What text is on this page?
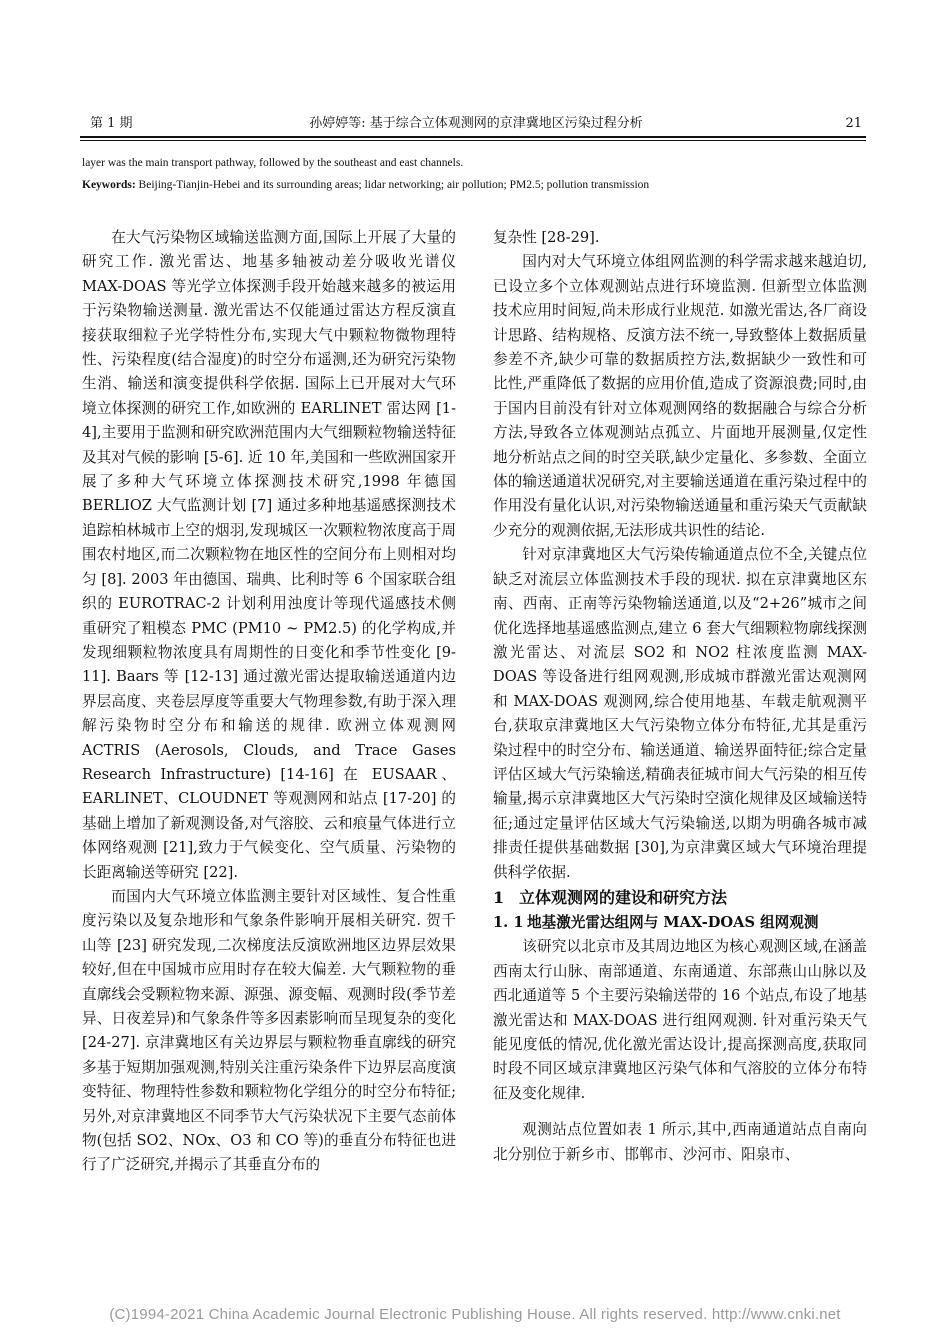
第 1 期	孙婷婷等: 基于综合立体观测网的京津冀地区污染过程分析	21

layer was the main transport pathway, followed by the southeast and east channels.

Keywords: Beijing-Tianjin-Hebei and its surrounding areas; lidar networking; air pollution; PM2.5; pollution transmission

在大气污染物区域输送监测方面,国际上开展了大量的研究工作. 激光雷达、地基多轴被动差分吸收光谱仪 MAX-DOAS 等光学立体探测手段开始越来越多的被运用于污染物输送测量. 激光雷达不仅能通过雷达方程反演直接获取细粒子光学特性分布,实现大气中颗粒物微物理特性、污染程度(结合湿度)的时空分布遥测,还为研究污染物生消、输送和演变提供科学依据. 国际上已开展对大气环境立体探测的研究工作,如欧洲的 EARLINET 雷达网 [1-4],主要用于监测和研究欧洲范围内大气细颗粒物输送特征及其对气候的影响 [5-6]. 近 10 年,美国和一些欧洲国家开展了多种大气环境立体探测技术研究,1998 年德国 BERLIOZ 大气监测计划 [7] 通过多种地基遥感探测技术追踪柏林城市上空的烟羽,发现城区一次颗粒物浓度高于周围农村地区,而二次颗粒物在地区性的空间分布上则相对均匀 [8]. 2003 年由德国、瑞典、比利时等 6 个国家联合组织的 EUROTRAC-2 计划利用浊度计等现代遥感技术侧重研究了粗模态 PMC (PM10 ~ PM2.5) 的化学构成,并发现细颗粒物浓度具有周期性的日变化和季节性变化 [9-11]. Baars 等 [12-13] 通过激光雷达提取输送通道内边界层高度、夹卷层厚度等重要大气物理参数,有助于深入理解污染物时空分布和输送的规律. 欧洲立体观测网 ACTRIS (Aerosols, Clouds, and Trace Gases Research Infrastructure) [14-16] 在 EUSAAR、EARLINET、CLOUDNET 等观测网和站点 [17-20] 的基础上增加了新观测设备,对气溶胶、云和痕量气体进行立体网络观测 [21],致力于气候变化、空气质量、污染物的长距离输送等研究 [22].

而国内大气环境立体监测主要针对区域性、复合性重度污染以及复杂地形和气象条件影响开展相关研究. 贺千山等 [23] 研究发现,二次梯度法反演欧洲地区边界层效果较好,但在中国城市应用时存在较大偏差. 大气颗粒物的垂直廓线会受颗粒物来源、源强、源变幅、观测时段(季节差异、日夜差异)和气象条件等多因素影响而呈现复杂的变化 [24-27]. 京津冀地区有关边界层与颗粒物垂直廓线的研究多基于短期加强观测,特别关注重污染条件下边界层高度演变特征、物理特性参数和颗粒物化学组分的时空分布特征;另外,对京津冀地区不同季节大气污染状况下主要气态前体物(包括 SO2、NOx、O3 和 CO 等)的垂直分布特征也进行了广泛研究,并揭示了其垂直分布的

复杂性 [28-29].

国内对大气环境立体组网监测的科学需求越来越迫切,已设立多个立体观测站点进行环境监测. 但新型立体监测技术应用时间短,尚未形成行业规范. 如激光雷达,各厂商设计思路、结构规格、反演方法不统一,导致整体上数据质量参差不齐,缺少可靠的数据质控方法,数据缺少一致性和可比性,严重降低了数据的应用价值,造成了资源浪费;同时,由于国内目前没有针对立体观测网络的数据融合与综合分析方法,导致各立体观测站点孤立、片面地开展测量,仅定性地分析站点之间的时空关联,缺少定量化、多参数、全面立体的输送通道状况研究,对主要输送通道在重污染过程中的作用没有量化认识,对污染物输送通量和重污染天气贡献缺少充分的观测依据,无法形成共识性的结论.

针对京津冀地区大气污染传输通道点位不全,关键点位缺乏对流层立体监测技术手段的现状. 拟在京津冀地区东南、西南、正南等污染物输送通道,以及“2+26”城市之间优化选择地基遥感监测点,建立 6 套大气细颗粒物廓线探测激光雷达、对流层 SO2 和 NO2 柱浓度监测 MAX-DOAS 等设备进行组网观测,形成城市群激光雷达观测网和 MAX-DOAS 观测网,综合使用地基、车载走航观测平台,获取京津冀地区大气污染物立体分布特征,尤其是重污染过程中的时空分布、输送通道、输送界面特征;综合定量评估区域大气污染输送,精确表征城市间大气污染的相互传输量,揭示京津冀地区大气污染时空演化规律及区域输送特征;通过定量评估区域大气污染输送,以期为明确各城市减排责任提供基础数据 [30],为京津冀区域大气环境治理提供科学依据.

1 立体观测网的建设和研究方法
1. 1 地基激光雷达组网与 MAX-DOAS 组网观测

该研究以北京市及其周边地区为核心观测区域,在涵盖西南太行山脉、南部通道、东南通道、东部燕山山脉以及西北通道等 5 个主要污染输送带的 16 个站点,布设了地基激光雷达和 MAX-DOAS 进行组网观测. 针对重污染天气能见度低的情况,优化激光雷达设计,提高探测高度,获取同时段不同区域京津冀地区污染气体和气溶胶的立体分布特征及变化规律.

观测站点位置如表 1 所示,其中,西南通道站点自南向北分别位于新乡市、邯郸市、沙河市、阳泉市、

(C)1994-2021 China Academic Journal Electronic Publishing House. All rights reserved. http://www.cnki.net
